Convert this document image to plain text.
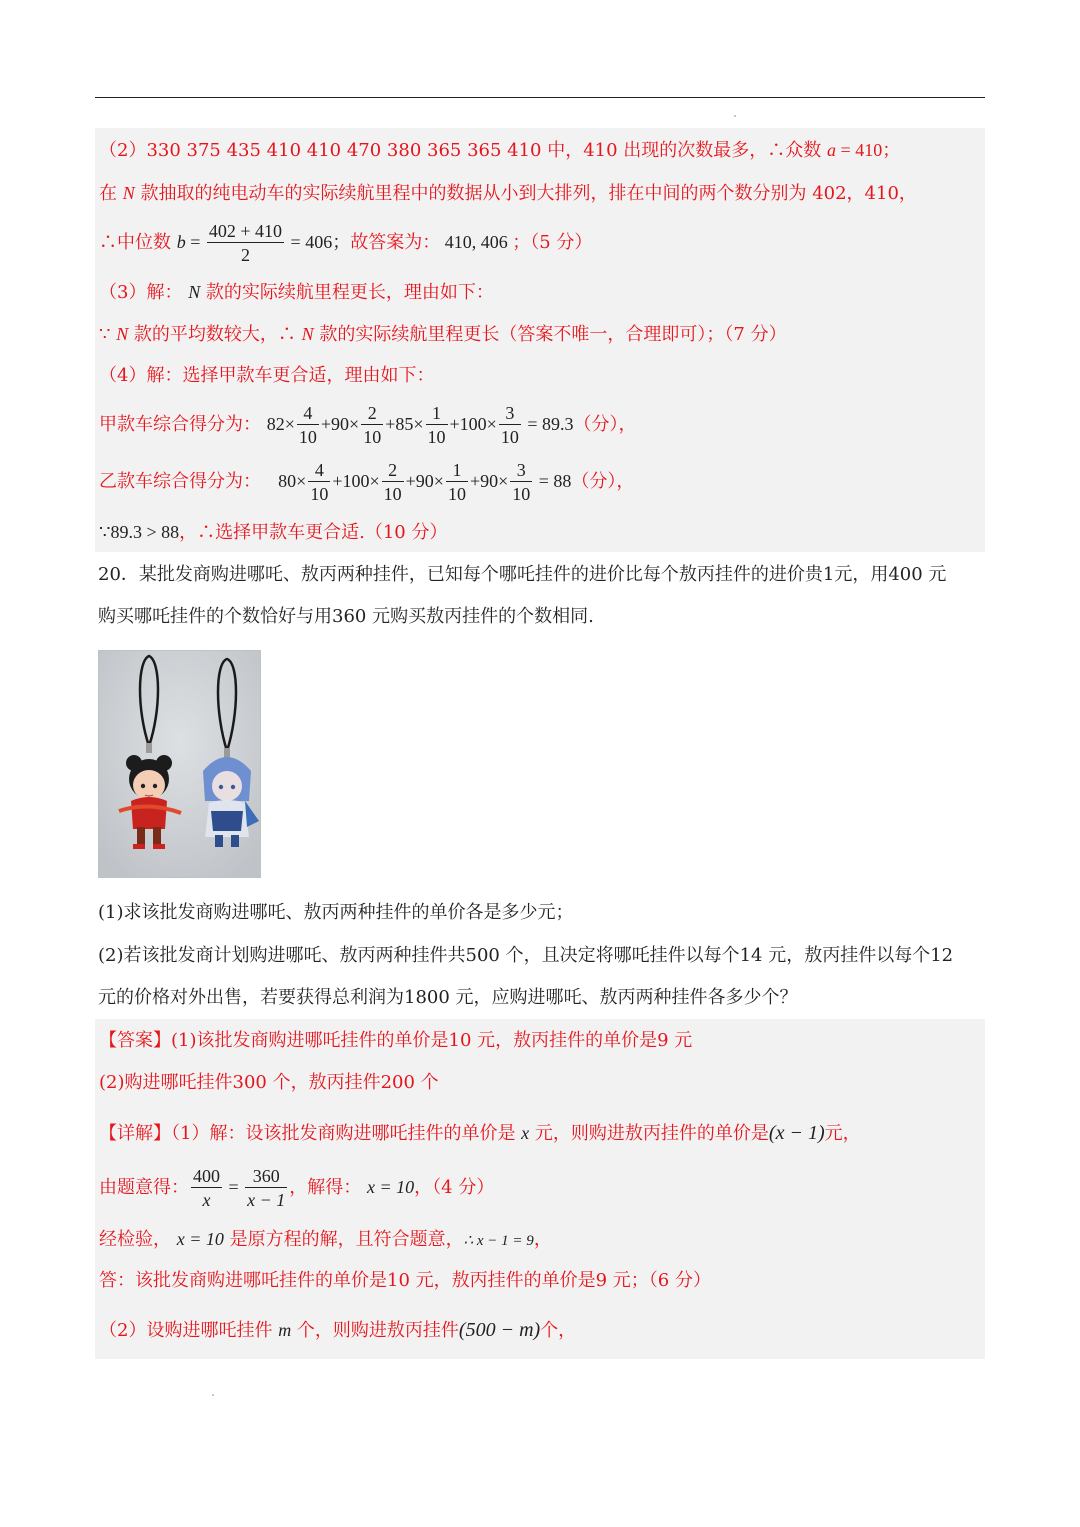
（2）330 375 435 410 410 470 380 365 365 410 中，410 出现的次数最多，∴众数 a = 410；
在 N 款抽取的纯电动车的实际续航里程中的数据从小到大排列，排在中间的两个数分别为 402，410，
∴中位数 $b = \frac{402 + 410}{2} = 406$；故答案为： 410, 406 ；（5 分）
（3）解： N 款的实际续航里程更长，理由如下：
∵ N 款的平均数较大，∴ N 款的实际续航里程更长（答案不唯一，合理即可）；（7 分）
（4）解：选择甲款车更合适，理由如下：
甲款车综合得分为： $82\times \frac{4}{10} +90\times \frac{2}{10} +85\times \frac{1}{10} +100\times \frac{3}{10} = 89.3$（分），
乙款车综合得分为： $80\times \frac{4}{10} +100\times \frac{2}{10} +90\times \frac{1}{10} +90\times \frac{3}{10} = 88$（分），
∵89.3 > 88，∴选择甲款车更合适.（10 分）
20．某批发商购进哪吒、敖丙两种挂件，已知每个哪吒挂件的进价比每个敖丙挂件的进价贵1元，用400 元
购买哪吒挂件的个数恰好与用360 元购买敖丙挂件的个数相同.
(1)求该批发商购进哪吒、敖丙两种挂件的单价各是多少元；
(2)若该批发商计划购进哪吒、敖丙两种挂件共500 个，且决定将哪吒挂件以每个14 元，敖丙挂件以每个12
元的价格对外出售，若要获得总利润为1800 元，应购进哪吒、敖丙两种挂件各多少个？
【答案】(1)该批发商购进哪吒挂件的单价是10 元，敖丙挂件的单价是9 元
(2)购进哪吒挂件300 个，敖丙挂件200 个
【详解】（1）解：设该批发商购进哪吒挂件的单价是 x 元，则购进敖丙挂件的单价是(x − 1)元，
由题意得： $\frac{400}{x} = \frac{360}{x - 1}$ ，解得： x = 10，（4 分）
经检验， x = 10 是原方程的解，且符合题意，∴ x − 1 = 9，
答：该批发商购进哪吒挂件的单价是10 元，敖丙挂件的单价是9 元；（6 分）
（2）设购进哪吒挂件 m 个，则购进敖丙挂件(500 − m)个，
